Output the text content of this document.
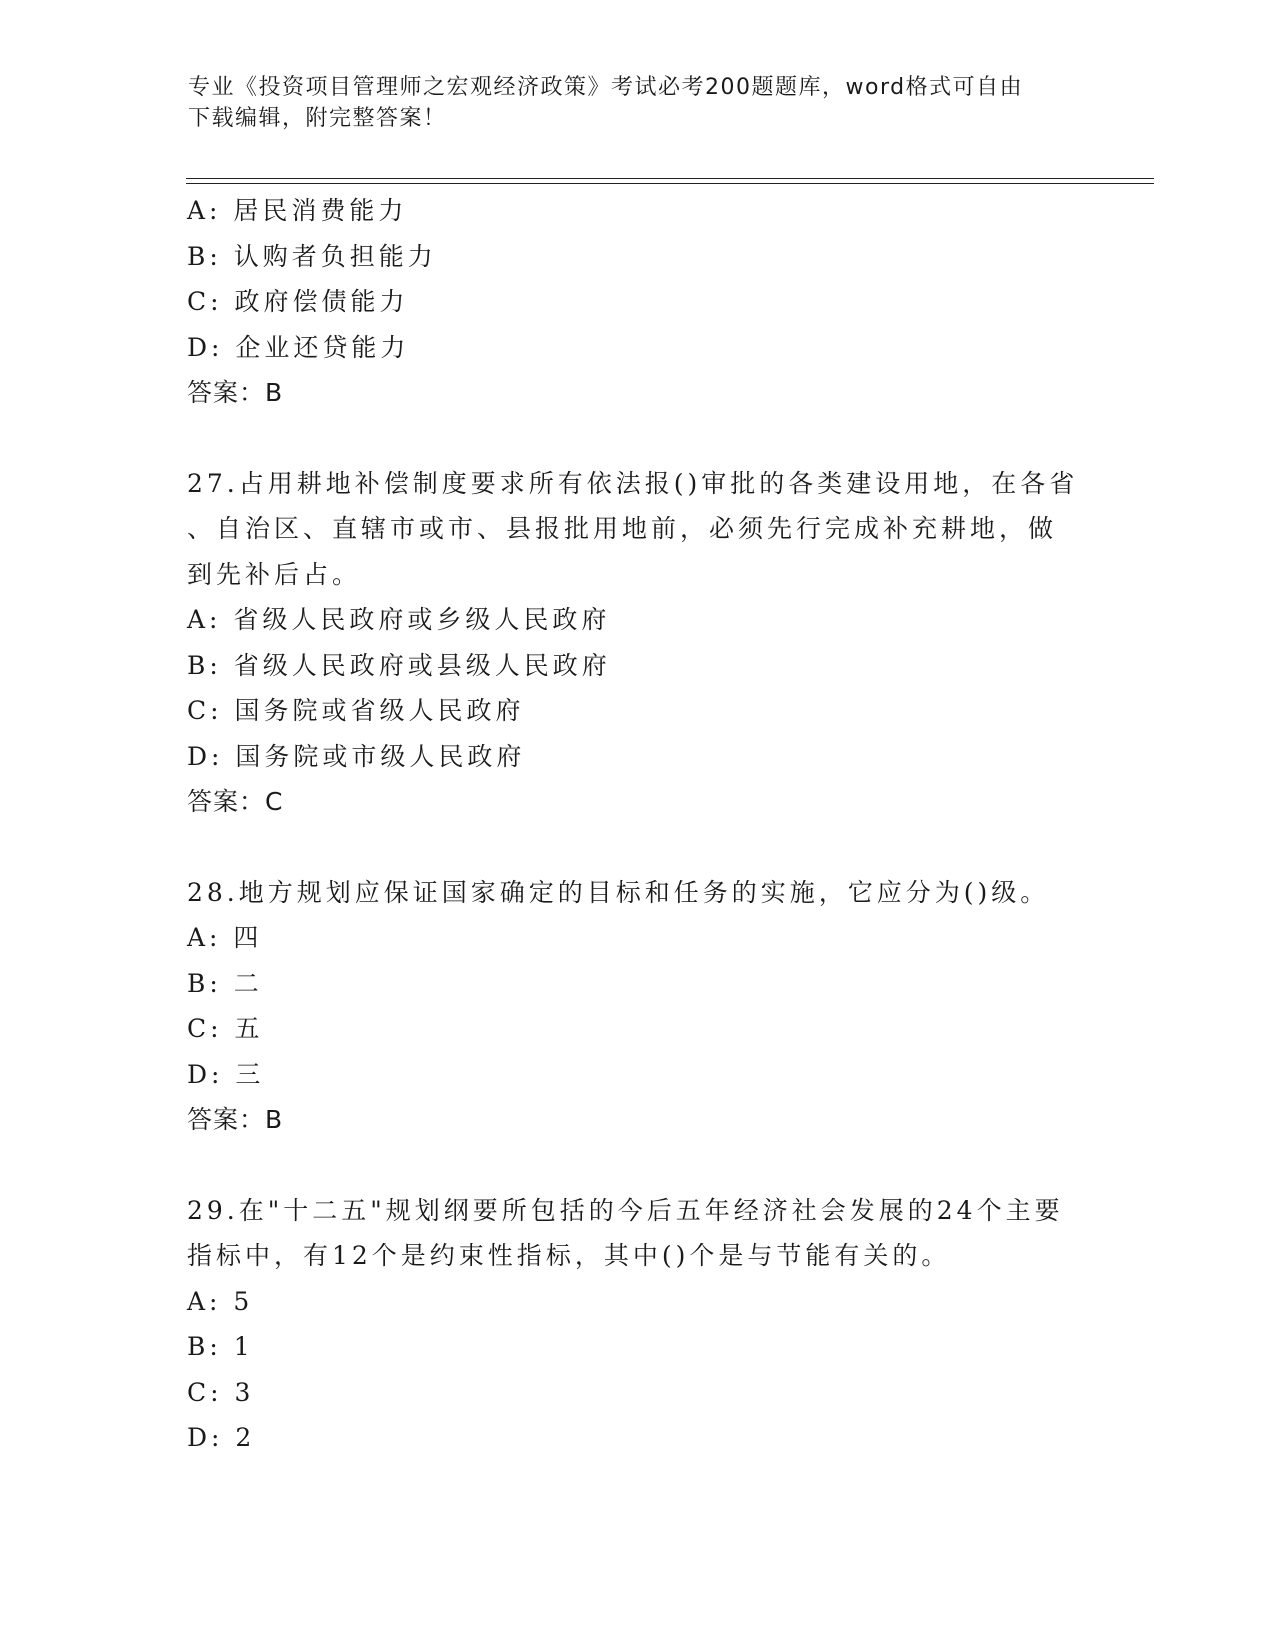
专业《投资项目管理师之宏观经济政策》考试必考200题题库，word格式可自由
下载编辑，附完整答案！
A: 居民消费能力
B: 认购者负担能力
C: 政府偿债能力
D: 企业还贷能力
答案：B
27.占用耕地补偿制度要求所有依法报()审批的各类建设用地，在各省
、自治区、直辖市或市、县报批用地前，必须先行完成补充耕地，做
到先补后占。
A: 省级人民政府或乡级人民政府
B: 省级人民政府或县级人民政府
C: 国务院或省级人民政府
D: 国务院或市级人民政府
答案：C
28.地方规划应保证国家确定的目标和任务的实施，它应分为()级。
A: 四
B: 二
C: 五
D: 三
答案：B
29.在"十二五"规划纲要所包括的今后五年经济社会发展的24个主要
指标中，有12个是约束性指标，其中()个是与节能有关的。
A: 5
B: 1
C: 3
D: 2
